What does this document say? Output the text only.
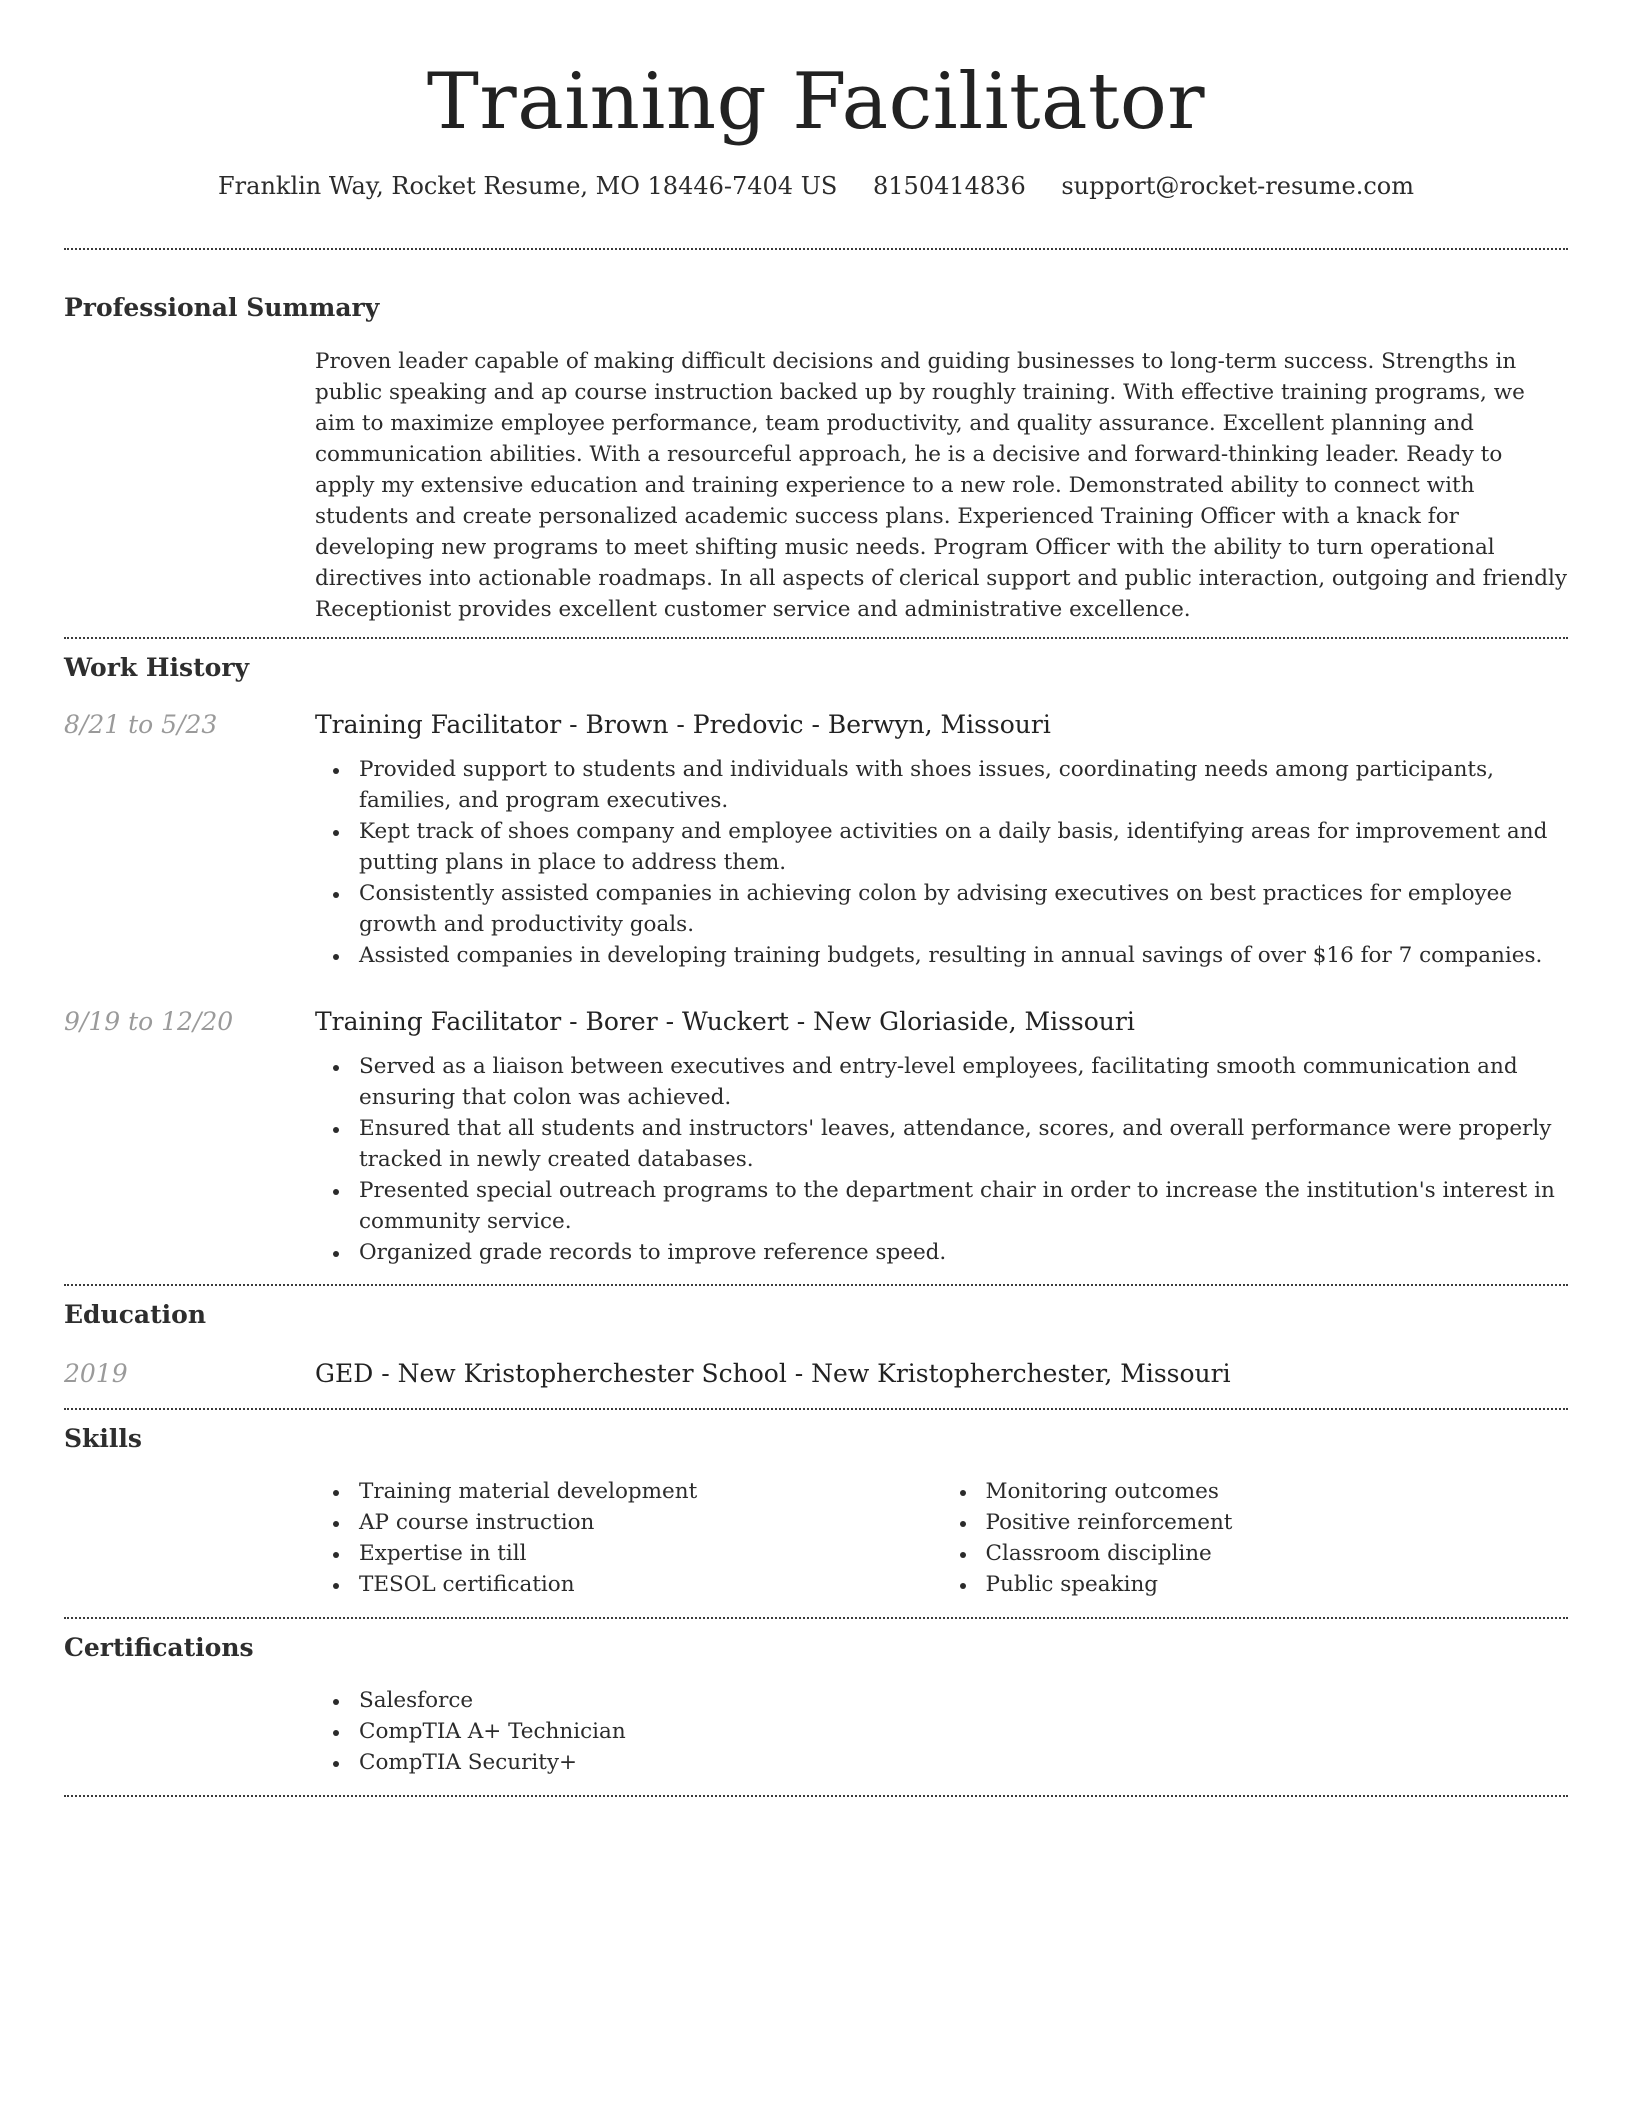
Training Facilitator
Franklin Way, Rocket Resume, MO 18446-7404 US 8150414836 support@rocket-resume.com
Professional Summary

Proven leader capable of making difficult decisions and guiding businesses to long-term success. Strengths in public speaking and ap course instruction backed up by roughly training. With effective training programs, we aim to maximize employee performance, team productivity, and quality assurance. Excellent planning and communication abilities. With a resourceful approach, he is a decisive and forward-thinking leader. Ready to apply my extensive education and training experience to a new role. Demonstrated ability to connect with students and create personalized academic success plans. Experienced Training Officer with a knack for developing new programs to meet shifting music needs. Program Officer with the ability to turn operational directives into actionable roadmaps. In all aspects of clerical support and public interaction, outgoing and friendly Receptionist provides excellent customer service and administrative excellence.

Work History
8/21 to 5/23	Training Facilitator - Brown - Predovic - Berwyn, Missouri
Provided support to students and individuals with shoes issues, coordinating needs among participants, families, and program executives.
Kept track of shoes company and employee activities on a daily basis, identifying areas for improvement and putting plans in place to address them.
Consistently assisted companies in achieving colon by advising executives on best practices for employee growth and productivity goals.
Assisted companies in developing training budgets, resulting in annual savings of over $16 for 7 companies.
9/19 to 12/20	Training Facilitator - Borer - Wuckert - New Gloriaside, Missouri
Served as a liaison between executives and entry-level employees, facilitating smooth communication and ensuring that colon was achieved.
Ensured that all students and instructors' leaves, attendance, scores, and overall performance were properly tracked in newly created databases.
Presented special outreach programs to the department chair in order to increase the institution's interest in community service.
Organized grade records to improve reference speed.
Education
2019	GED - New Kristopherchester School - New Kristopherchester, Missouri
Skills
Training material development
AP course instruction
Expertise in till
TESOL certification
Monitoring outcomes
Positive reinforcement
Classroom discipline
Public speaking
Certifications
Salesforce
CompTIA A+ Technician
CompTIA Security+
